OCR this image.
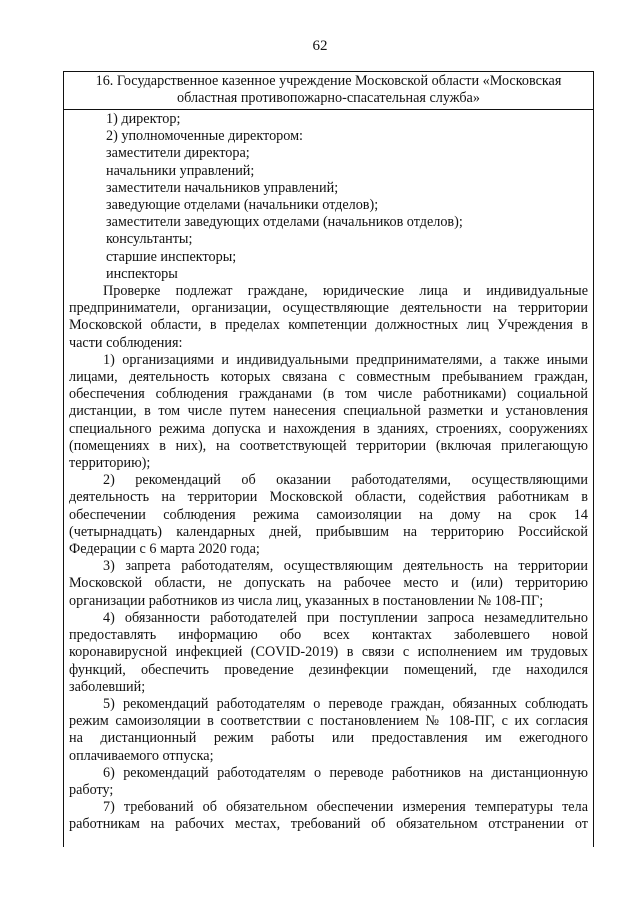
62
16. Государственное казенное учреждение Московской области «Московская
областная противопожарно-спасательная служба»
1) директор;
2) уполномоченные директором:
заместители директора;
начальники управлений;
заместители начальников управлений;
заведующие отделами (начальники отделов);
заместители заведующих отделами (начальников отделов);
консультанты;
старшие инспекторы;
инспекторы
Проверке подлежат граждане, юридические лица и индивидуальные
предприниматели, организации, осуществляющие деятельности на территории
Московской области, в пределах компетенции должностных лиц Учреждения в
части соблюдения:
1) организациями и индивидуальными предпринимателями, а также иными
лицами, деятельность которых связана с совместным пребыванием граждан,
обеспечения соблюдения гражданами (в том числе работниками) социальной
дистанции, в том числе путем нанесения специальной разметки и установления
специального режима допуска и нахождения в зданиях, строениях, сооружениях
(помещениях в них), на соответствующей территории (включая прилегающую
территорию);
2) рекомендаций об оказании работодателями, осуществляющими
деятельность на территории Московской области, содействия работникам в
обеспечении соблюдения режима самоизоляции на дому на срок 14
(четырнадцать) календарных дней, прибывшим на территорию Российской
Федерации с 6 марта 2020 года;
3) запрета работодателям, осуществляющим деятельность на территории
Московской области, не допускать на рабочее место и (или) территорию
организации работников из числа лиц, указанных в постановлении № 108-ПГ;
4) обязанности работодателей при поступлении запроса незамедлительно
предоставлять информацию обо всех контактах заболевшего новой
коронавирусной инфекцией (COVID-2019) в связи с исполнением им трудовых
функций, обеспечить проведение дезинфекции помещений, где находился
заболевший;
5) рекомендаций работодателям о переводе граждан, обязанных соблюдать
режим самоизоляции в соответствии с постановлением № 108-ПГ, с их согласия
на дистанционный режим работы или предоставления им ежегодного
оплачиваемого отпуска;
6) рекомендаций работодателям о переводе работников на дистанционную
работу;
7) требований об обязательном обеспечении измерения температуры тела
работникам на рабочих местах, требований об обязательном отстранении от
